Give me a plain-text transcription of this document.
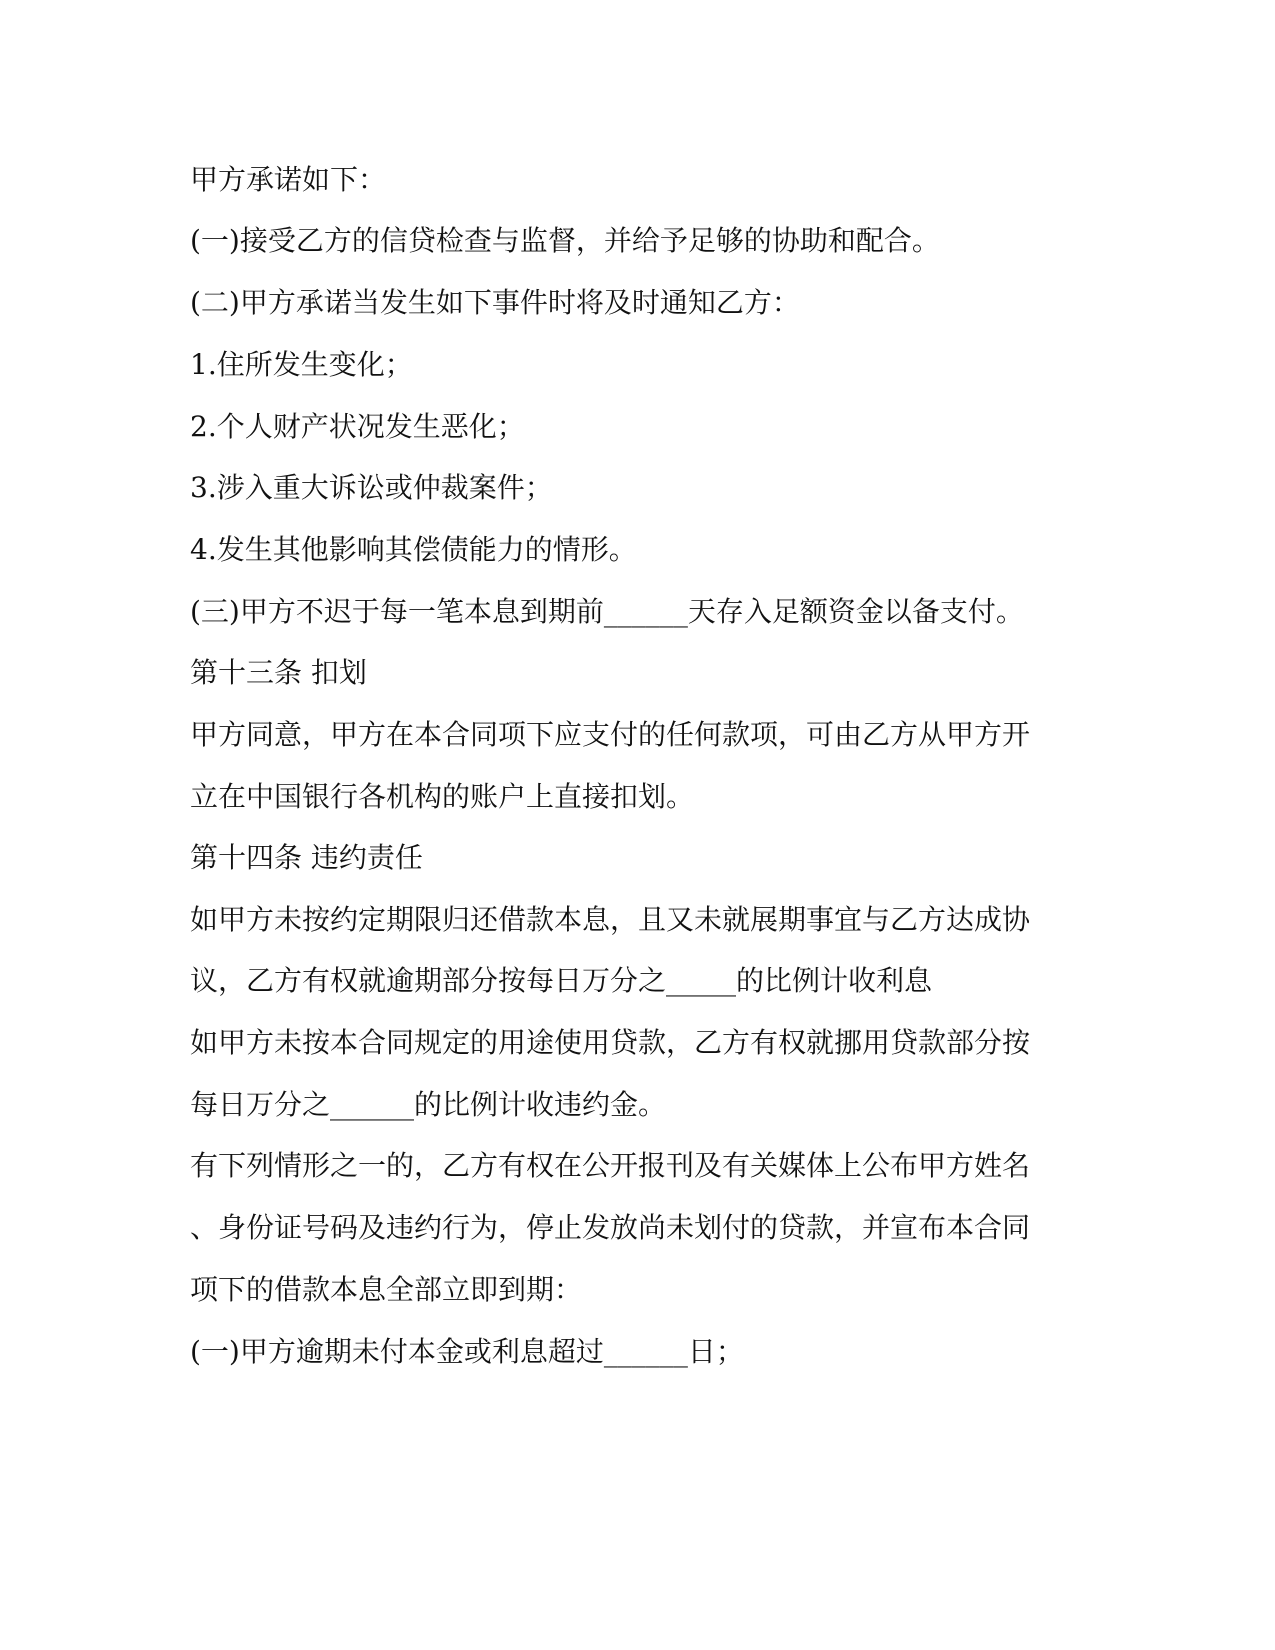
甲方承诺如下：
(一)接受乙方的信贷检查与监督，并给予足够的协助和配合。
(二)甲方承诺当发生如下事件时将及时通知乙方：
1.住所发生变化；
2.个人财产状况发生恶化；
3.涉入重大诉讼或仲裁案件；
4.发生其他影响其偿债能力的情形。
(三)甲方不迟于每一笔本息到期前______天存入足额资金以备支付。
第十三条 扣划
甲方同意，甲方在本合同项下应支付的任何款项，可由乙方从甲方开
立在中国银行各机构的账户上直接扣划。
第十四条 违约责任
如甲方未按约定期限归还借款本息，且又未就展期事宜与乙方达成协
议，乙方有权就逾期部分按每日万分之_____的比例计收利息
如甲方未按本合同规定的用途使用贷款，乙方有权就挪用贷款部分按
每日万分之______的比例计收违约金。
有下列情形之一的，乙方有权在公开报刊及有关媒体上公布甲方姓名
、身份证号码及违约行为，停止发放尚未划付的贷款，并宣布本合同
项下的借款本息全部立即到期：
(一)甲方逾期未付本金或利息超过______日；
